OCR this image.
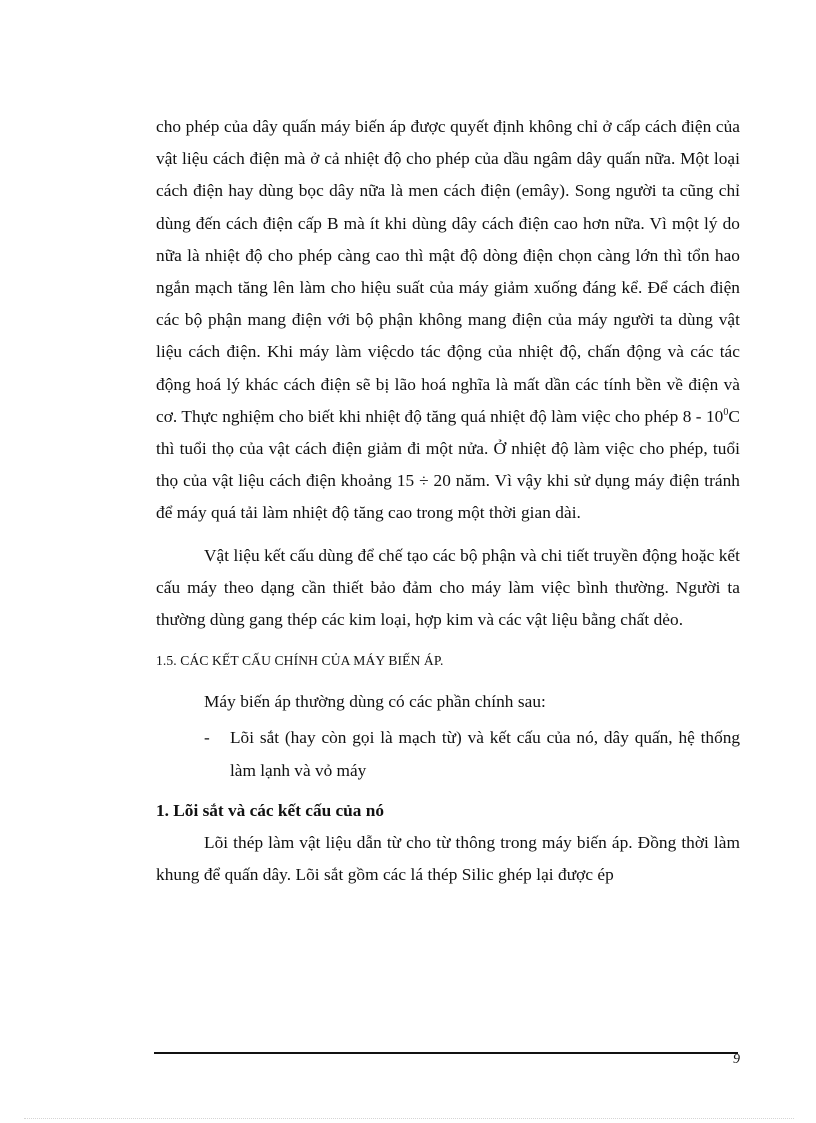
cho phép của dây quấn máy biến áp được quyết định không chỉ ở cấp cách điện của vật liệu cách điện mà ở cả nhiệt độ cho phép của dầu ngâm dây quấn nữa. Một loại cách điện hay dùng bọc dây nữa là men cách điện (emây). Song người ta cũng chỉ dùng đến cách điện cấp B mà ít khi dùng dây cách điện cao hơn nữa. Vì một lý do nữa là nhiệt độ cho phép càng cao thì mật độ dòng điện chọn càng lớn thì tổn hao ngắn mạch tăng lên làm cho hiệu suất của máy giảm xuống đáng kể. Để cách điện các bộ phận mang điện với bộ phận không mang điện của máy người ta dùng vật liệu cách điện. Khi máy làm việcdo tác động của nhiệt độ, chấn động và các tác động hoá lý khác cách điện sẽ bị lão hoá nghĩa là mất dần các tính bền về điện và cơ. Thực nghiệm cho biết khi nhiệt độ tăng quá nhiệt độ làm việc cho phép $8 - 10^0C$ thì tuổi thọ của vật cách điện giảm đi một nửa. Ở nhiệt độ làm việc cho phép, tuổi thọ của vật liệu cách điện khoảng 15 ÷ 20 năm. Vì vậy khi sử dụng máy điện tránh để máy quá tải làm nhiệt độ tăng cao trong một thời gian dài.

Vật liệu kết cấu dùng để chế tạo các bộ phận và chi tiết truyền động hoặc kết cấu máy theo dạng cần thiết bảo đảm cho máy làm việc bình thường. Người ta thường dùng gang thép các kim loại, hợp kim và các vật liệu bằng chất dẻo.

1.5. CÁC KẾT CẤU CHÍNH CỦA MÁY BIẾN ÁP.

Máy biến áp thường dùng có các phần chính sau:

-	Lõi sắt (hay còn gọi là mạch từ) và kết cấu của nó, dây quấn, hệ thống làm lạnh và vỏ máy

1. Lõi sắt và các kết cấu của nó

Lõi thép làm vật liệu dẫn từ cho từ thông trong máy biến áp. Đồng thời làm khung để quấn dây. Lõi sắt gồm các lá thép Silic ghép lại được ép

9
